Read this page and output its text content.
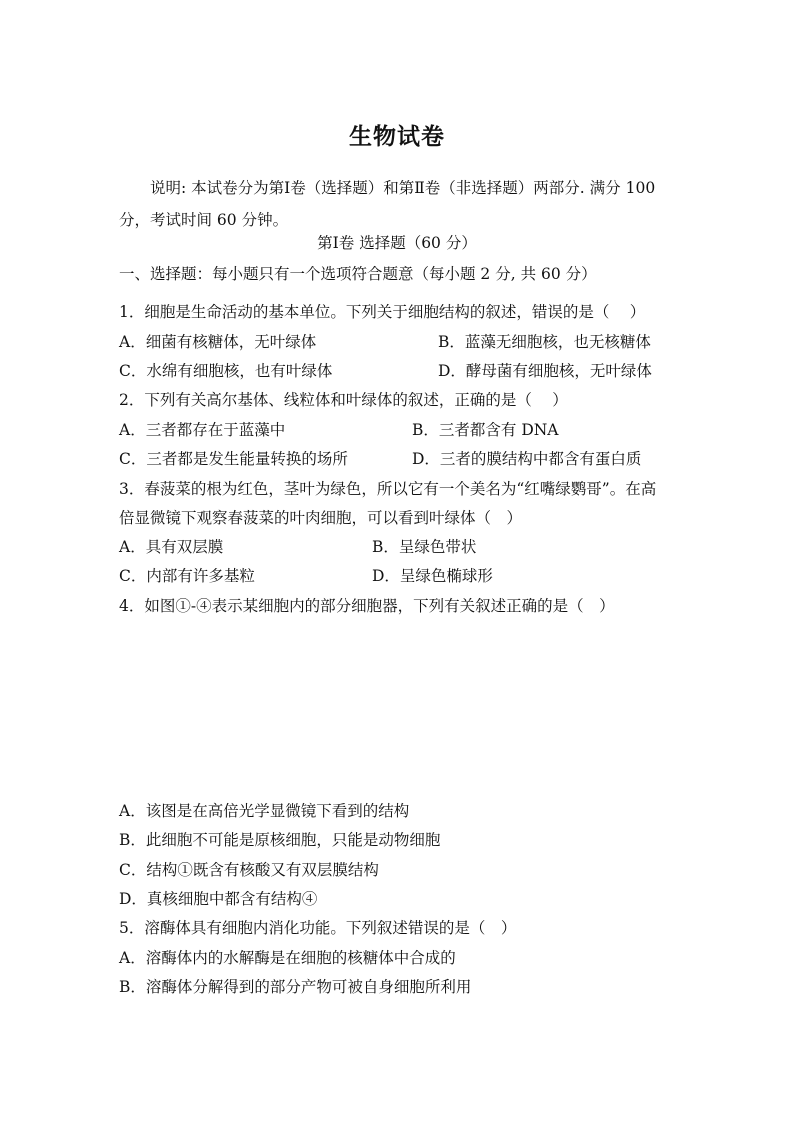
生物试卷
说明: 本试卷分为第Ⅰ卷（选择题）和第Ⅱ卷（非选择题）两部分. 满分 100
分，考试时间 60 分钟。
第Ⅰ卷 选择题（60 分）
一、选择题：每小题只有一个选项符合题意（每小题 2 分, 共 60 分）
1．细胞是生命活动的基本单位。下列关于细胞结构的叙述，错误的是（　 ）
A．细菌有核糖体，无叶绿体	B．蓝藻无细胞核，也无核糖体
C．水绵有细胞核，也有叶绿体	D．酵母菌有细胞核，无叶绿体
2．下列有关高尔基体、线粒体和叶绿体的叙述，正确的是（　 ）
A．三者都存在于蓝藻中	B．三者都含有 DNA
C．三者都是发生能量转换的场所	D．三者的膜结构中都含有蛋白质
3．春菠菜的根为红色，茎叶为绿色，所以它有一个美名为“红嘴绿鹦哥”。在高
倍显微镜下观察春菠菜的叶肉细胞，可以看到叶绿体（　）
A．具有双层膜	B．呈绿色带状
C．内部有许多基粒	D．呈绿色椭球形
4．如图①-④表示某细胞内的部分细胞器，下列有关叙述正确的是（　）
A．该图是在高倍光学显微镜下看到的结构
B．此细胞不可能是原核细胞，只能是动物细胞
C．结构①既含有核酸又有双层膜结构
D．真核细胞中都含有结构④
5．溶酶体具有细胞内消化功能。下列叙述错误的是（　）
A．溶酶体内的水解酶是在细胞的核糖体中合成的
B．溶酶体分解得到的部分产物可被自身细胞所利用
